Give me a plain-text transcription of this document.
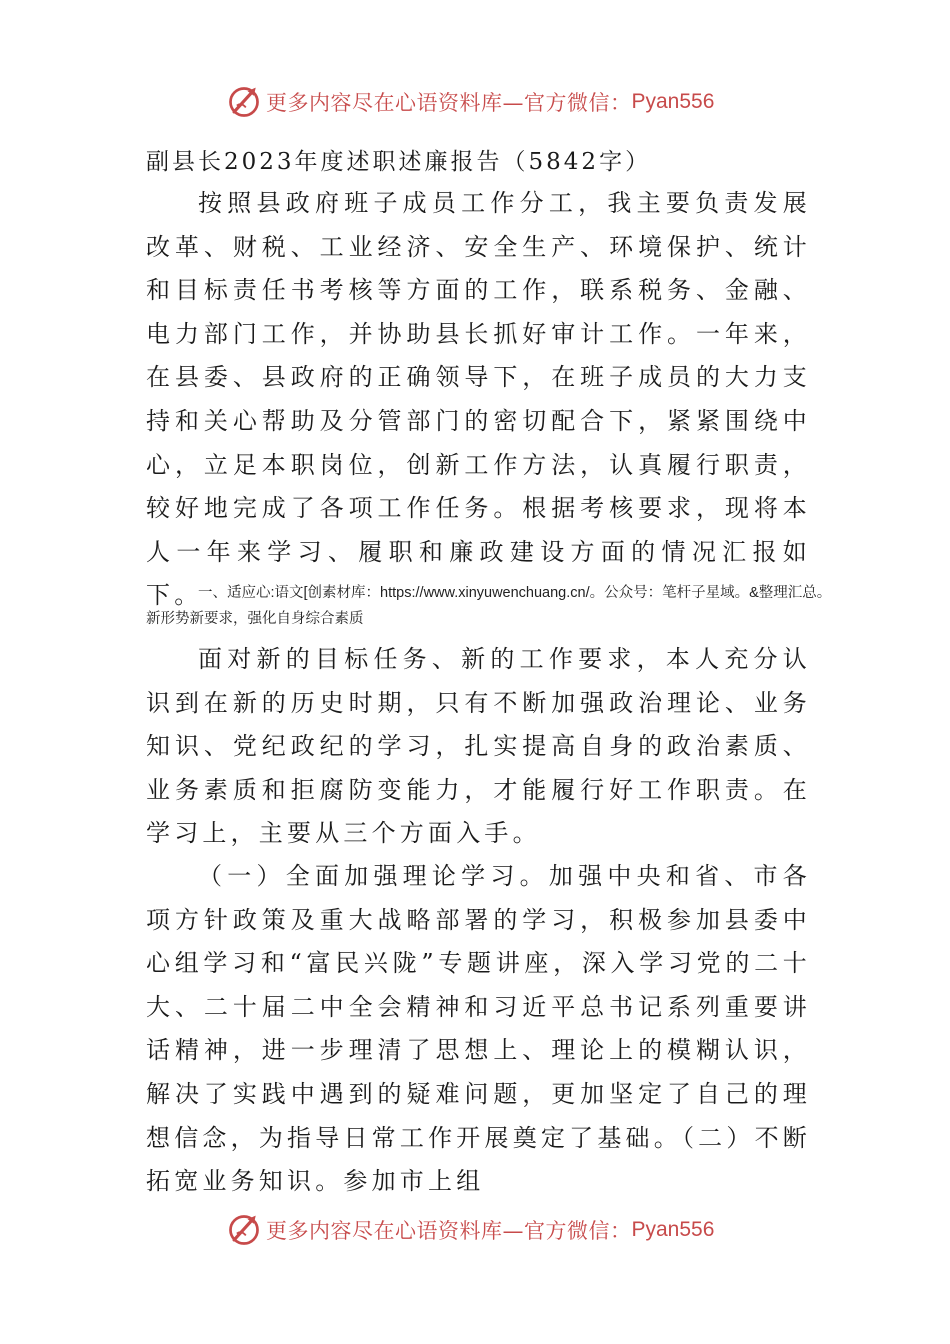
更多内容尽在心语资料库—官方微信： Pyan556
副县长2023年度述职述廉报告（5842字）

按照县政府班子成员工作分工，我主要负责发展改革、财税、工业经济、安全生产、环境保护、统计和目标责任书考核等方面的工作，联系税务、金融、电力部门工作，并协助县长抓好审计工作。一年来，在县委、县政府的正确领导下，在班子成员的大力支持和关心帮助及分管部门的密切配合下，紧紧围绕中心，立足本职岗位，创新工作方法，认真履行职责，较好地完成了各项工作任务。根据考核要求，现将本人一年来学习、履职和廉政建设方面的情况汇报如下。

一、适应心:语文[创素材库：https://www.xinyuwenchuang.cn/。公众号：笔杆子星域。&整理汇总。新形势新要求，强化自身综合素质

面对新的目标任务、新的工作要求，本人充分认识到在新的历史时期，只有不断加强政治理论、业务知识、党纪政纪的学习，扎实提高自身的政治素质、业务素质和拒腐防变能力，才能履行好工作职责。在学习上，主要从三个方面入手。

（一）全面加强理论学习。加强中央和省、市各项方针政策及重大战略部署的学习，积极参加县委中心组学习和“富民兴陇”专题讲座，深入学习党的二十大、二十届二中全会精神和习近平总书记系列重要讲话精神，进一步理清了思想上、理论上的模糊认识，解决了实践中遇到的疑难问题，更加坚定了自己的理想信念，为指导日常工作开展奠定了基础。（二）不断拓宽业务知识。参加市上组

更多内容尽在心语资料库—官方微信： Pyan556
